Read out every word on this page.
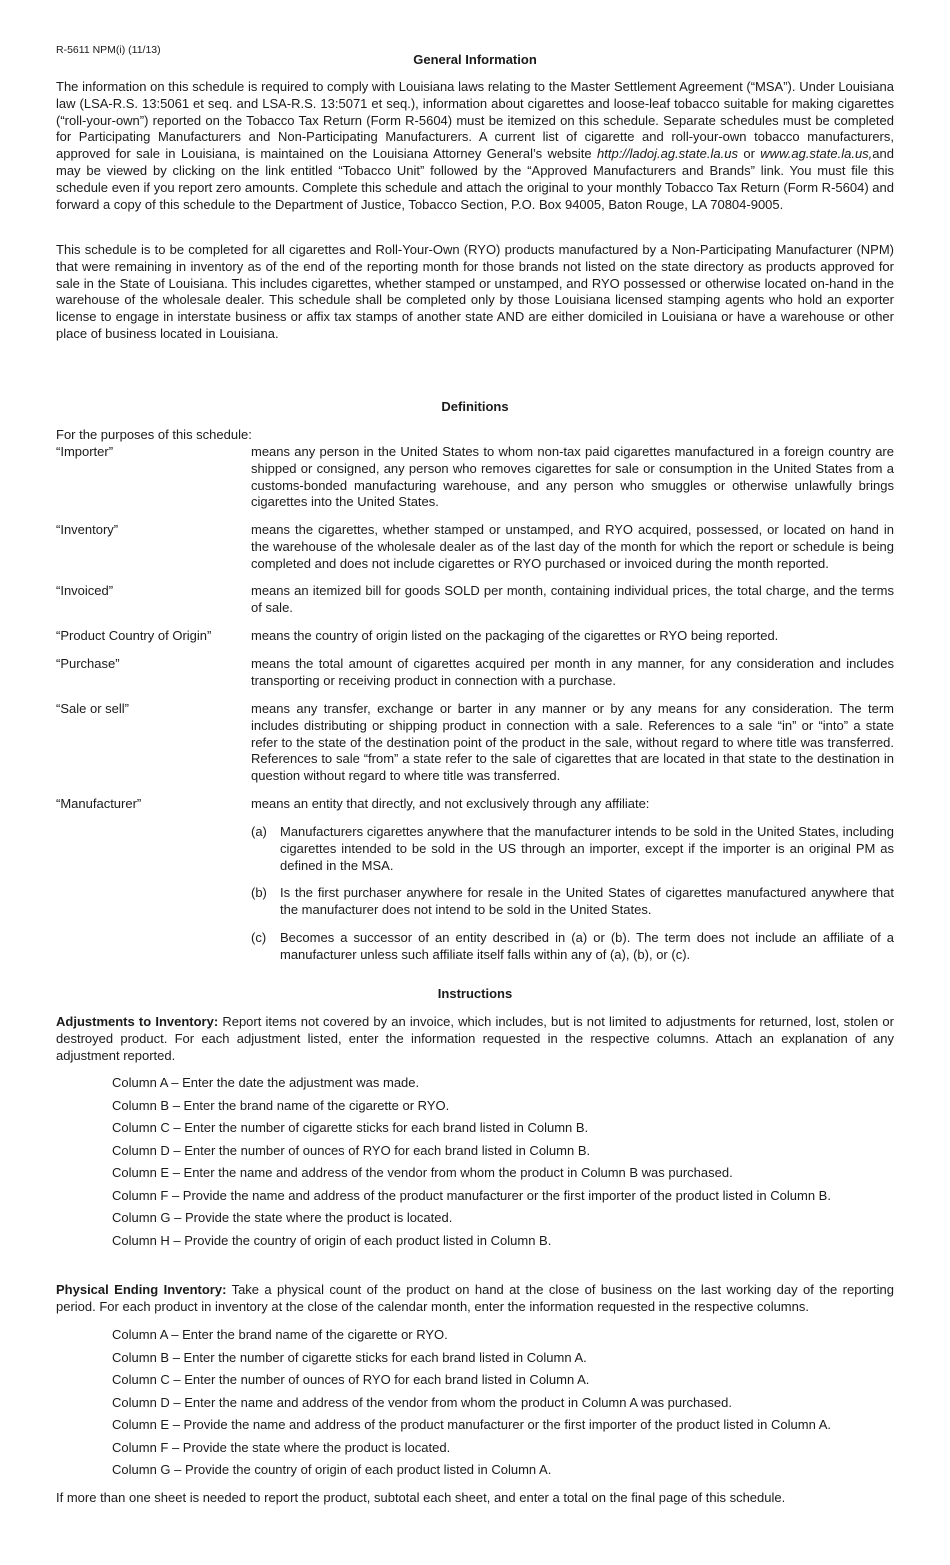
R-5611 NPM(i) (11/13)
General Information

The information on this schedule is required to comply with Louisiana laws relating to the Master Settlement Agreement (“MSA”). Under Louisiana law (LSA-R.S. 13:5061 et seq. and LSA-R.S. 13:5071 et seq.), information about cigarettes and loose-leaf tobacco suitable for making cigarettes (“roll-your-own”) reported on the Tobacco Tax Return (Form R-5604) must be itemized on this schedule. Separate schedules must be completed for Participating Manufacturers and Non-Participating Manufacturers. A current list of cigarette and roll-your-own tobacco manufacturers, approved for sale in Louisiana, is maintained on the Louisiana Attorney General’s website http://ladoj.ag.state.la.us or www.ag.state.la.us,and may be viewed by clicking on the link entitled “Tobacco Unit” followed by the “Approved Manufacturers and Brands” link. You must file this schedule even if you report zero amounts. Complete this schedule and attach the original to your monthly Tobacco Tax Return (Form R-5604) and forward a copy of this schedule to the Department of Justice, Tobacco Section, P.O. Box 94005, Baton Rouge, LA 70804-9005.

This schedule is to be completed for all cigarettes and Roll-Your-Own (RYO) products manufactured by a Non-Participating Manufacturer (NPM) that were remaining in inventory as of the end of the reporting month for those brands not listed on the state directory as products approved for sale in the State of Louisiana. This includes cigarettes, whether stamped or unstamped, and RYO possessed or otherwise located on-hand in the warehouse of the wholesale dealer. This schedule shall be completed only by those Louisiana licensed stamping agents who hold an exporter license to engage in interstate business or affix tax stamps of another state AND are either domiciled in Louisiana or have a warehouse or other place of business located in Louisiana.

Definitions
For the purposes of this schedule:
“Importer”	means any person in the United States to whom non-tax paid cigarettes manufactured in a foreign country are shipped or consigned, any person who removes cigarettes for sale or consumption in the United States from a customs-bonded manufacturing warehouse, and any person who smuggles or otherwise unlawfully brings cigarettes into the United States.
“Inventory”	means the cigarettes, whether stamped or unstamped, and RYO acquired, possessed, or located on hand in the warehouse of the wholesale dealer as of the last day of the month for which the report or schedule is being completed and does not include cigarettes or RYO purchased or invoiced during the month reported.
“Invoiced”	means an itemized bill for goods SOLD per month, containing individual prices, the total charge, and the terms of sale.
“Product Country of Origin”	means the country of origin listed on the packaging of the cigarettes or RYO being reported.
“Purchase”	means the total amount of cigarettes acquired per month in any manner, for any consideration and includes transporting or receiving product in connection with a purchase.
“Sale or sell”	means any transfer, exchange or barter in any manner or by any means for any consideration. The term includes distributing or shipping product in connection with a sale. References to a sale “in” or “into” a state refer to the state of the destination point of the product in the sale, without regard to where title was transferred. References to sale “from” a state refer to the sale of cigarettes that are located in that state to the destination in question without regard to where title was transferred.
“Manufacturer”	means an entity that directly, and not exclusively through any affiliate:
(a)	Manufacturers cigarettes anywhere that the manufacturer intends to be sold in the United States, including cigarettes intended to be sold in the US through an importer, except if the importer is an original PM as defined in the MSA.
(b)	Is the first purchaser anywhere for resale in the United States of cigarettes manufactured anywhere that the manufacturer does not intend to be sold in the United States.
(c)	Becomes a successor of an entity described in (a) or (b). The term does not include an affiliate of a manufacturer unless such affiliate itself falls within any of (a), (b), or (c).
Instructions

Adjustments to Inventory: Report items not covered by an invoice, which includes, but is not limited to adjustments for returned, lost, stolen or destroyed product. For each adjustment listed, enter the information requested in the respective columns. Attach an explanation of any adjustment reported.

Column A – Enter the date the adjustment was made.
Column B – Enter the brand name of the cigarette or RYO.
Column C – Enter the number of cigarette sticks for each brand listed in Column B.
Column D – Enter the number of ounces of RYO for each brand listed in Column B.
Column E – Enter the name and address of the vendor from whom the product in Column B was purchased.
Column F – Provide the name and address of the product manufacturer or the first importer of the product listed in Column B.
Column G – Provide the state where the product is located.
Column H – Provide the country of origin of each product listed in Column B.

Physical Ending Inventory: Take a physical count of the product on hand at the close of business on the last working day of the reporting period. For each product in inventory at the close of the calendar month, enter the information requested in the respective columns.

Column A – Enter the brand name of the cigarette or RYO.
Column B – Enter the number of cigarette sticks for each brand listed in Column A.
Column C – Enter the number of ounces of RYO for each brand listed in Column A.
Column D – Enter the name and address of the vendor from whom the product in Column A was purchased.
Column E – Provide the name and address of the product manufacturer or the first importer of the product listed in Column A.
Column F – Provide the state where the product is located.
Column G – Provide the country of origin of each product listed in Column A.
If more than one sheet is needed to report the product, subtotal each sheet, and enter a total on the final page of this schedule.
